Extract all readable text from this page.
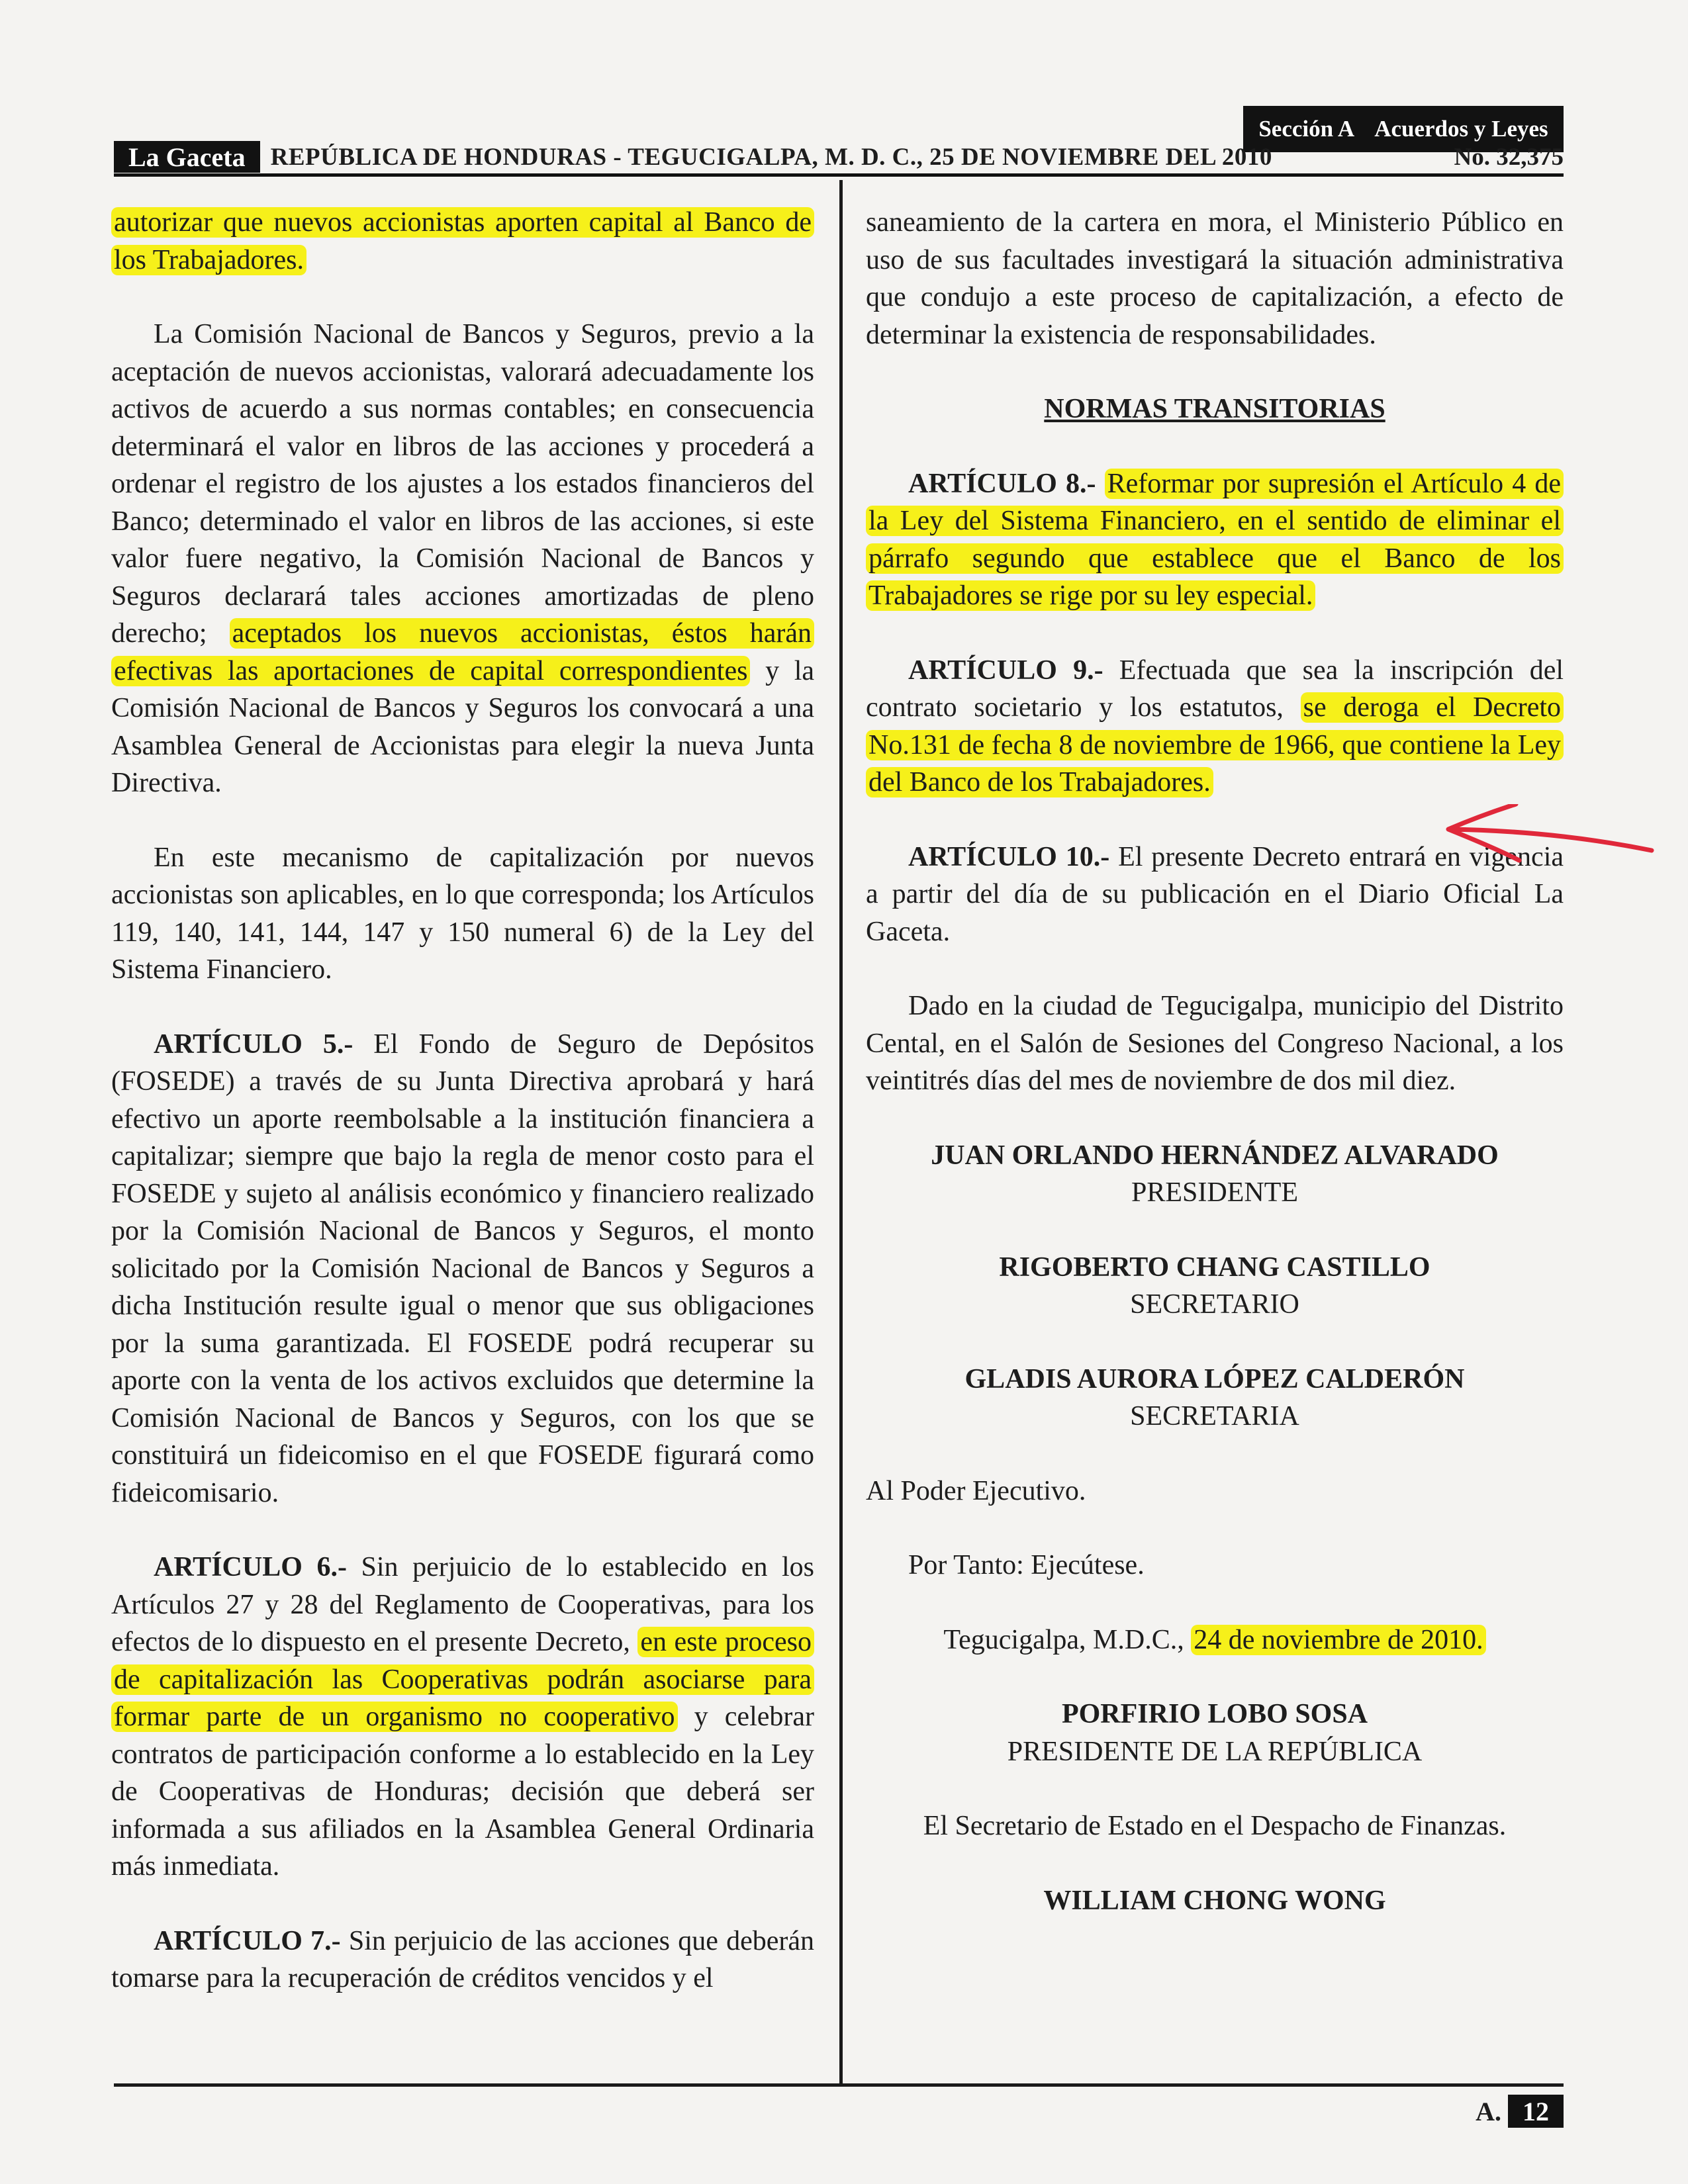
Sección A Acuerdos y Leyes
La Gaceta	REPÚBLICA DE HONDURAS - TEGUCIGALPA, M. D. C., 25 DE NOVIEMBRE DEL 2010	No. 32,375

autorizar que nuevos accionistas aporten capital al Banco de los Trabajadores.

La Comisión Nacional de Bancos y Seguros, previo a la aceptación de nuevos accionistas, valorará adecuadamente los activos de acuerdo a sus normas contables; en consecuencia determinará el valor en libros de las acciones y procederá a ordenar el registro de los ajustes a los estados financieros del Banco; determinado el valor en libros de las acciones, si este valor fuere negativo, la Comisión Nacional de Bancos y Seguros declarará tales acciones amortizadas de pleno derecho; aceptados los nuevos accionistas, éstos harán efectivas las aportaciones de capital correspondientes y la Comisión Nacional de Bancos y Seguros los convocará a una Asamblea General de Accionistas para elegir la nueva Junta Directiva.

En este mecanismo de capitalización por nuevos accionistas son aplicables, en lo que corresponda; los Artículos 119, 140, 141, 144, 147 y 150 numeral 6) de la Ley del Sistema Financiero.

ARTÍCULO 5.- El Fondo de Seguro de Depósitos (FOSEDE) a través de su Junta Directiva aprobará y hará efectivo un aporte reembolsable a la institución financiera a capitalizar; siempre que bajo la regla de menor costo para el FOSEDE y sujeto al análisis económico y financiero realizado por la Comisión Nacional de Bancos y Seguros, el monto solicitado por la Comisión Nacional de Bancos y Seguros a dicha Institución resulte igual o menor que sus obligaciones por la suma garantizada. El FOSEDE podrá recuperar su aporte con la venta de los activos excluidos que determine la Comisión Nacional de Bancos y Seguros, con los que se constituirá un fideicomiso en el que FOSEDE figurará como fideicomisario.

ARTÍCULO 6.- Sin perjuicio de lo establecido en los Artículos 27 y 28 del Reglamento de Cooperativas, para los efectos de lo dispuesto en el presente Decreto, en este proceso de capitalización las Cooperativas podrán asociarse para formar parte de un organismo no cooperativo y celebrar contratos de participación conforme a lo establecido en la Ley de Cooperativas de Honduras; decisión que deberá ser informada a sus afiliados en la Asamblea General Ordinaria más inmediata.

ARTÍCULO 7.- Sin perjuicio de las acciones que deberán tomarse para la recuperación de créditos vencidos y el

saneamiento de la cartera en mora, el Ministerio Público en uso de sus facultades investigará la situación administrativa que condujo a este proceso de capitalización, a efecto de determinar la existencia de responsabilidades.

NORMAS TRANSITORIAS

ARTÍCULO 8.- Reformar por supresión el Artículo 4 de la Ley del Sistema Financiero, en el sentido de eliminar el párrafo segundo que establece que el Banco de los Trabajadores se rige por su ley especial.

ARTÍCULO 9.- Efectuada que sea la inscripción del contrato societario y los estatutos, se deroga el Decreto No.131 de fecha 8 de noviembre de 1966, que contiene la Ley del Banco de los Trabajadores.

ARTÍCULO 10.- El presente Decreto entrará en vigencia a partir del día de su publicación en el Diario Oficial La Gaceta.

Dado en la ciudad de Tegucigalpa, municipio del Distrito Cental, en el Salón de Sesiones del Congreso Nacional, a los veintitrés días del mes de noviembre de dos mil diez.

JUAN ORLANDO HERNÁNDEZ ALVARADO
PRESIDENTE
RIGOBERTO CHANG CASTILLO
SECRETARIO
GLADIS AURORA LÓPEZ CALDERÓN
SECRETARIA

Al Poder Ejecutivo.

Por Tanto: Ejecútese.

Tegucigalpa, M.D.C., 24 de noviembre de 2010.

PORFIRIO LOBO SOSA
PRESIDENTE DE LA REPÚBLICA

El Secretario de Estado en el Despacho de Finanzas.

WILLIAM CHONG WONG
A. 12
